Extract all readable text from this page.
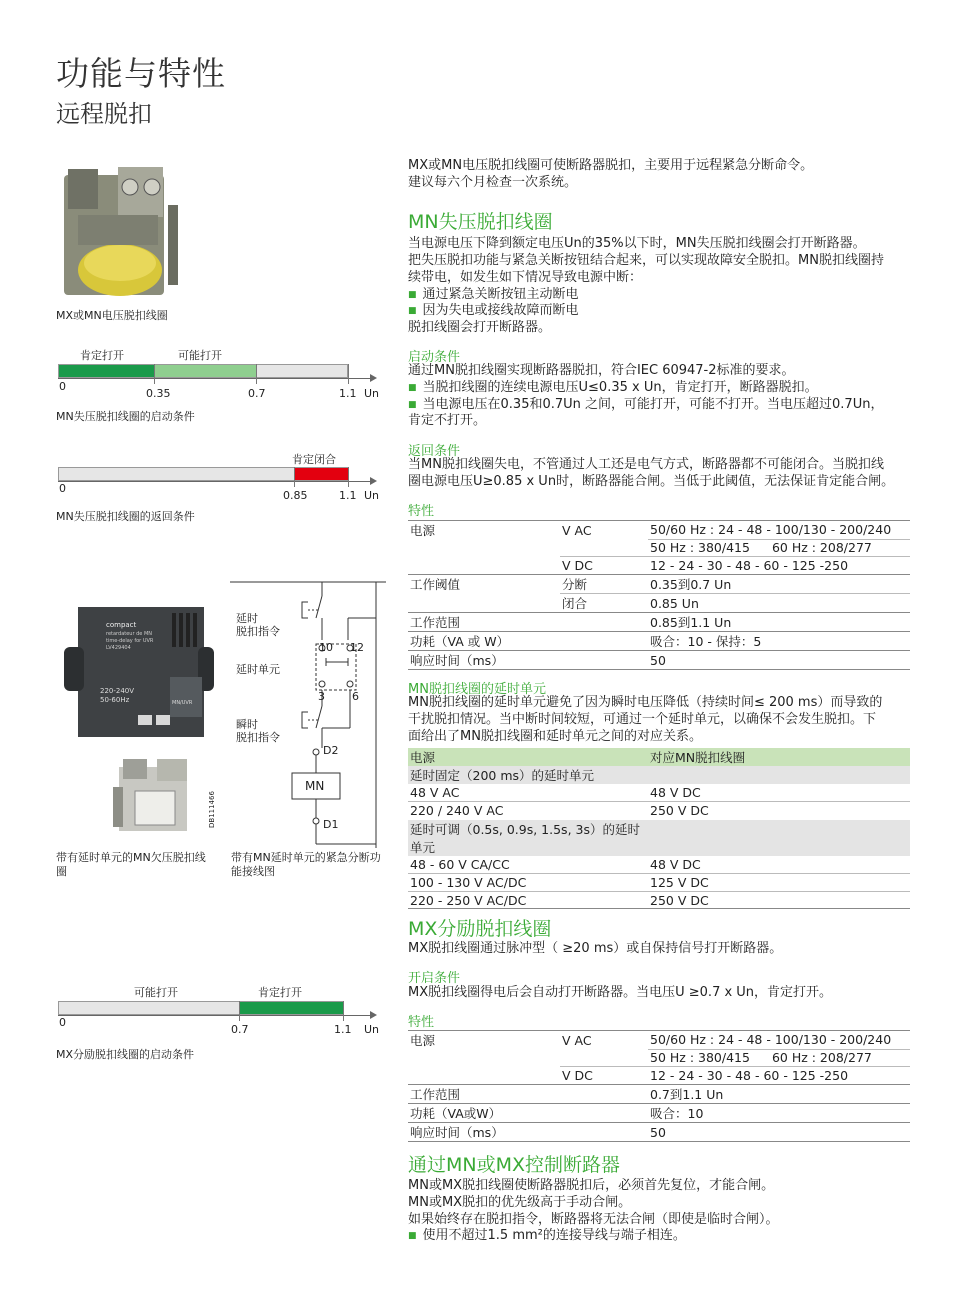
功能与特性
远程脱扣
MX或MN电压脱扣线圈
肯定打开	可能打开
0
0.35	0.7	1.1 Un
MN失压脱扣线圈的启动条件
肯定闭合
0
0.85	1.1 Un
MN失压脱扣线圈的返回条件
compact
retardateur de MN
time-delay for UVR
LV429404
220-240V
50-60Hz	MN/UVR
DB111466
带有延时单元的MN欠压脱扣线圈
延时
脱扣指令
延时单元
瞬时
脱扣指令
10 12
3 6
D2
MN
D1
带有MN延时单元的紧急分断功能接线图
可能打开	肯定打开
0
0.7	1.1 Un
MX分励脱扣线圈的启动条件
MX或MN电压脱扣线圈可使断路器脱扣，主要用于远程紧急分断命令。
建议每六个月检查一次系统。
MN失压脱扣线圈
当电源电压下降到额定电压Un的35%以下时，MN失压脱扣线圈会打开断路器。
把失压脱扣功能与紧急关断按钮结合起来，可以实现故障安全脱扣。MN脱扣线圈持
续带电，如发生如下情况导致电源中断：
■ 通过紧急关断按钮主动断电
■ 因为失电或接线故障而断电
脱扣线圈会打开断路器。
启动条件
通过MN脱扣线圈实现断路器脱扣，符合IEC 60947-2标准的要求。
■ 当脱扣线圈的连续电源电压U≤0.35 x Un，肯定打开，断路器脱扣。
■ 当电源电压在0.35和0.7Un 之间，可能打开，可能不打开。当电压超过0.7Un，
肯定不打开。
返回条件
当MN脱扣线圈失电，不管通过人工还是电气方式，断路器都不可能闭合。当脱扣线
圈电源电压U≥0.85 x Un时，断路器能合闸。当低于此阈值，无法保证肯定能合闸。
特性
电源	V AC	50/60 Hz : 24 - 48 - 100/130 - 200/240
		50 Hz : 380/415 60 Hz : 208/277
	V DC	12 - 24 - 30 - 48 - 60 - 125 -250
工作阈值	分断	0.35到0.7 Un
	闭合	0.85 Un
工作范围		0.85到1.1 Un
功耗（VA 或 W）		吸合：10 - 保持：5
响应时间（ms）		50
MN脱扣线圈的延时单元
MN脱扣线圈的延时单元避免了因为瞬时电压降低（持续时间≤ 200 ms）而导致的
干扰脱扣情况。当中断时间较短，可通过一个延时单元，以确保不会发生脱扣。下
面给出了MN脱扣线圈和延时单元之间的对应关系。
电源	对应MN脱扣线圈
延时固定（200 ms）的延时单元	
48 V AC	48 V DC
220 / 240 V AC	250 V DC
延时可调（0.5s, 0.9s, 1.5s, 3s）的延时	
单元	
48 - 60 V CA/CC	48 V DC
100 - 130 V AC/DC	125 V DC
220 - 250 V AC/DC	250 V DC
MX分励脱扣线圈
MX脱扣线圈通过脉冲型（ ≥20 ms）或自保持信号打开断路器。
开启条件
MX脱扣线圈得电后会自动打开断路器。当电压U ≥0.7 x Un，肯定打开。
特性
电源	V AC	50/60 Hz : 24 - 48 - 100/130 - 200/240
		50 Hz : 380/415 60 Hz : 208/277
	V DC	12 - 24 - 30 - 48 - 60 - 125 -250
工作范围		0.7到1.1 Un
功耗（VA或W）		吸合：10
响应时间（ms）		50
通过MN或MX控制断路器
MN或MX脱扣线圈使断路器脱扣后，必须首先复位，才能合闸。
MN或MX脱扣的优先级高于手动合闸。
如果始终存在脱扣指令，断路器将无法合闸（即使是临时合闸）。
■ 使用不超过1.5 mm²的连接导线与端子相连。
